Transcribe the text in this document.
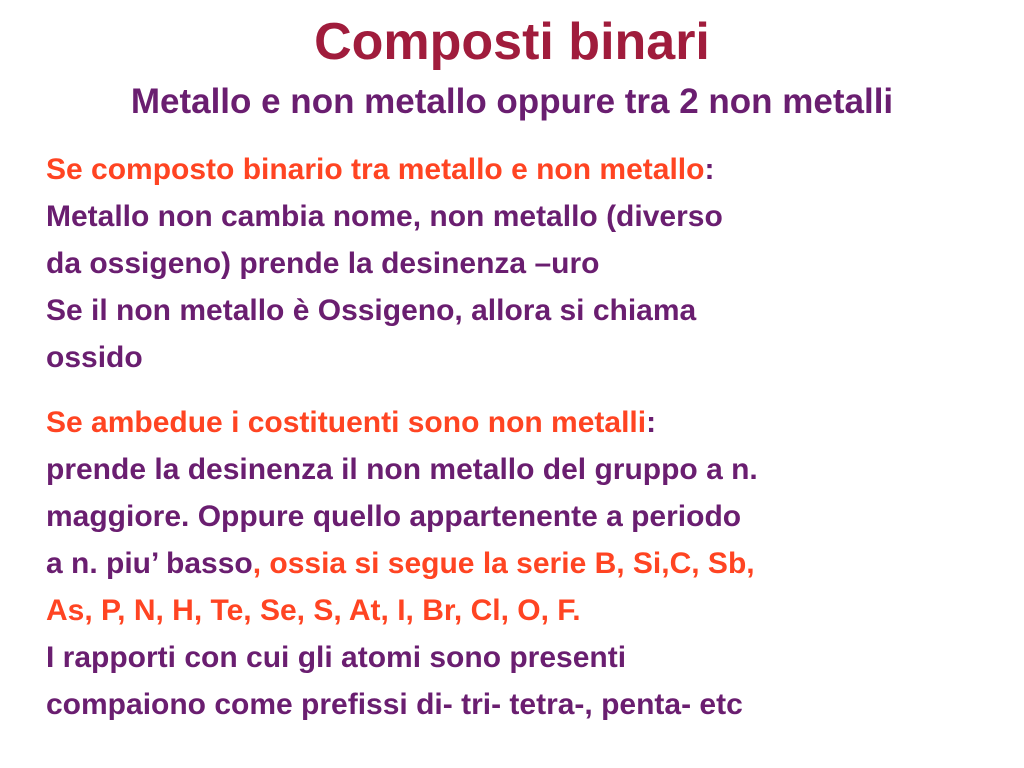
Composti binari
Metallo e non metallo oppure tra 2 non metalli
Se composto binario tra metallo e non metallo:
Metallo non cambia nome, non metallo (diverso
da ossigeno) prende la desinenza –uro
Se il non metallo è Ossigeno, allora si chiama
ossido
Se ambedue i costituenti sono non metalli:
prende la desinenza il non metallo del gruppo a n.
maggiore. Oppure quello appartenente a periodo
a n. piu’ basso, ossia si segue la serie B, Si,C, Sb,
As, P, N, H, Te, Se, S, At, I, Br, Cl, O, F.
I rapporti con cui gli atomi sono presenti
compaiono come prefissi di- tri- tetra-, penta- etc
